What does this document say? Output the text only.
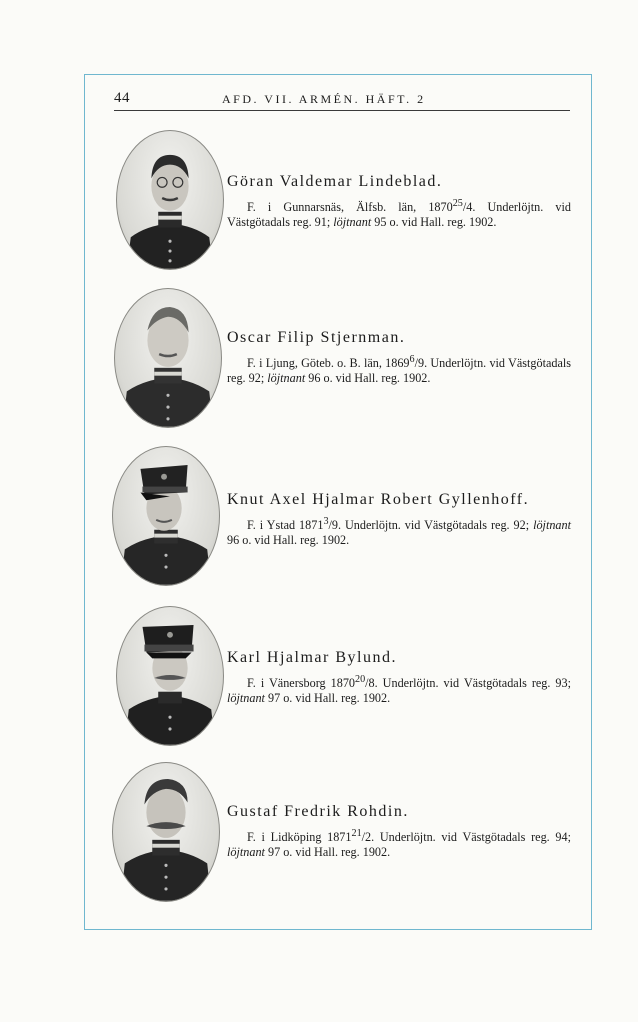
44	AFD. VII. ARMÉN. HÄFT. 2
Göran Valdemar Lindeblad.
F. i Gunnarsnäs, Älfsb. län, 1870$^{25}$/4. Underlöjtn. vid Västgötadals reg. 91; löjtnant 95 o. vid Hall. reg. 1902.
Oscar Filip Stjernman.
F. i Ljung, Göteb. o. B. län, 1869$^6$/9. Underlöjtn. vid Västgötadals reg. 92; löjtnant 96 o. vid Hall. reg. 1902.
Knut Axel Hjalmar Robert Gyllenhoff.
F. i Ystad 1871$^3$/9. Underlöjtn. vid Västgötadals reg. 92; löjtnant 96 o. vid Hall. reg. 1902.
Karl Hjalmar Bylund.
F. i Vänersborg 1870$^{20}$/8. Underlöjtn. vid Västgötadals reg. 93; löjtnant 97 o. vid Hall. reg. 1902.
Gustaf Fredrik Rohdin.
F. i Lidköping 1871$^{21}$/2. Underlöjtn. vid Västgötadals reg. 94; löjtnant 97 o. vid Hall. reg. 1902.
